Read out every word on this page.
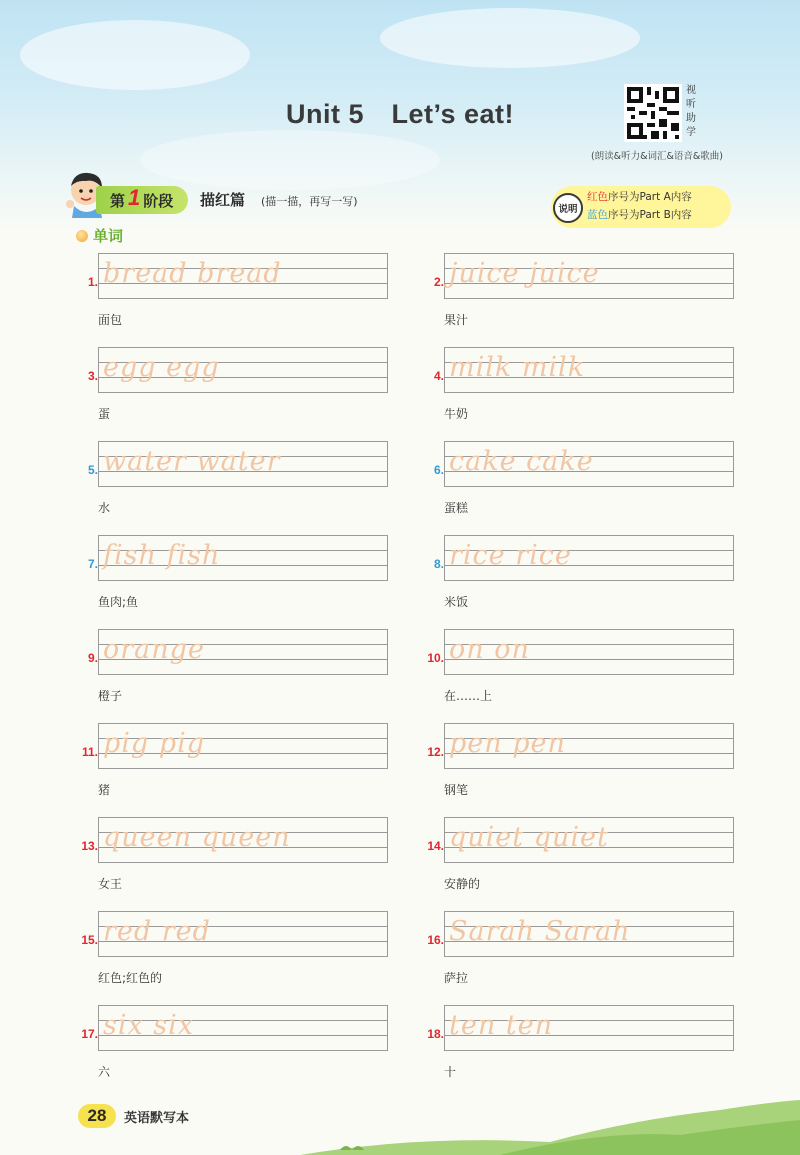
Unit 5　Let’s eat!
视
听
助
学
(朗读&听力&词汇&语音&歌曲)
第 1 阶段 描红篇 (描一描，再写一写)
说明
红色序号为Part A内容
蓝色序号为Part B内容
单词
1. bread bread
面包
2. juice juice
果汁
3. egg egg
蛋
4. milk milk
牛奶
5. water water
水
6. cake cake
蛋糕
7. fish fish
鱼肉;鱼
8. rice rice
米饭
9. orange
橙子
10. on on
在……上
11. pig pig
猪
12. pen pen
钢笔
13. queen queen
女王
14. quiet quiet
安静的
15. red red
红色;红色的
16. Sarah Sarah
萨拉
17. six six
六
18. ten ten
十
28	英语默写本
